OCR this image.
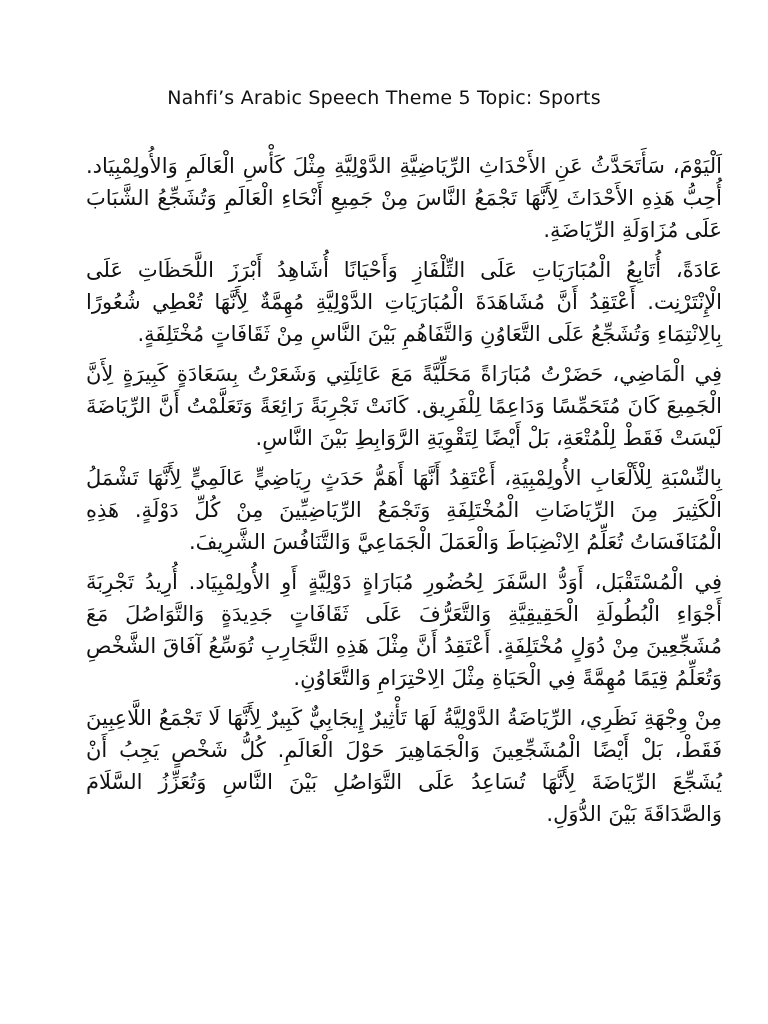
Nahfi’s Arabic Speech Theme 5 Topic: Sports

اَلْيَوْمَ، سَأَتَحَدَّثُ عَنِ الأَحْدَاثِ الرِّيَاضِيَّةِ الدَّوْلِيَّةِ مِثْلَ كَأْسِ الْعَالَمِ وَالأُولِمْبِيَاد. أُحِبُّ هَذِهِ الأَحْدَاثَ لِأَنَّهَا تَجْمَعُ النَّاسَ مِنْ جَمِيعِ أَنْحَاءِ الْعَالَمِ وَتُشَجِّعُ الشَّبَابَ عَلَى مُزَاوَلَةِ الرِّيَاضَةِ.

عَادَةً، أُتَابِعُ الْمُبَارَيَاتِ عَلَى التِّلْفَازِ وَأَحْيَانًا أُشَاهِدُ أَبْرَزَ اللَّحَظَاتِ عَلَى الْإِنْتَرْنِت. أَعْتَقِدُ أَنَّ مُشَاهَدَةَ الْمُبَارَيَاتِ الدَّوْلِيَّةِ مُهِمَّةٌ لِأَنَّهَا تُعْطِي شُعُورًا بِالِانْتِمَاءِ وَتُشَجِّعُ عَلَى التَّعَاوُنِ وَالتَّفَاهُمِ بَيْنَ النَّاسِ مِنْ ثَقَافَاتٍ مُخْتَلِفَةٍ.

فِي الْمَاضِي، حَضَرْتُ مُبَارَاةً مَحَلِّيَّةً مَعَ عَائِلَتِي وَشَعَرْتُ بِسَعَادَةٍ كَبِيرَةٍ لِأَنَّ الْجَمِيعَ كَانَ مُتَحَمِّسًا وَدَاعِمًا لِلْفَرِيق. كَانَتْ تَجْرِبَةً رَائِعَةً وَتَعَلَّمْتُ أَنَّ الرِّيَاضَةَ لَيْسَتْ فَقَطْ لِلْمُتْعَةِ، بَلْ أَيْضًا لِتَقْوِيَةِ الرَّوَابِطِ بَيْنَ النَّاسِ.

بِالنِّسْبَةِ لِلْأَلْعَابِ الأُولِمْبِيَةِ، أَعْتَقِدُ أَنَّهَا أَهَمُّ حَدَثٍ رِيَاضِيٍّ عَالَمِيٍّ لِأَنَّهَا تَشْمَلُ الْكَثِيرَ مِنَ الرِّيَاضَاتِ الْمُخْتَلِفَةِ وَتَجْمَعُ الرِّيَاضِيِّينَ مِنْ كُلِّ دَوْلَةٍ. هَذِهِ الْمُنَافَسَاتُ تُعَلِّمُ الِانْضِبَاطَ وَالْعَمَلَ الْجَمَاعِيَّ وَالتَّنَافُسَ الشَّرِيفَ.

فِي الْمُسْتَقْبَل، أَوَدُّ السَّفَرَ لِحُضُورِ مُبَارَاةٍ دَوْلِيَّةٍ أَوِ الأُولِمْبِيَاد. أُرِيدُ تَجْرِبَةَ أَجْوَاءِ الْبُطُولَةِ الْحَقِيقِيَّةِ وَالتَّعَرُّفَ عَلَى ثَقَافَاتٍ جَدِيدَةٍ وَالتَّوَاصُلَ مَعَ مُشَجِّعِينَ مِنْ دُوَلٍ مُخْتَلِفَةٍ. أَعْتَقِدُ أَنَّ مِثْلَ هَذِهِ التَّجَارِبِ تُوَسِّعُ آفَاقَ الشَّخْصِ وَتُعَلِّمُ قِيَمًا مُهِمَّةً فِي الْحَيَاةِ مِثْلَ الِاحْتِرَامِ وَالتَّعَاوُنِ.

مِنْ وِجْهَةِ نَظَرِي، الرِّيَاضَةُ الدَّوْلِيَّةُ لَهَا تَأْثِيرٌ إِيجَابِيٌّ كَبِيرٌ لِأَنَّهَا لَا تَجْمَعُ اللَّاعِبِينَ فَقَطْ، بَلْ أَيْضًا الْمُشَجِّعِينَ وَالْجَمَاهِيرَ حَوْلَ الْعَالَمِ. كُلُّ شَخْصٍ يَجِبُ أَنْ يُشَجِّعَ الرِّيَاضَةَ لِأَنَّهَا تُسَاعِدُ عَلَى التَّوَاصُلِ بَيْنَ النَّاسِ وَتُعَزِّزُ السَّلَامَ وَالصَّدَاقَةَ بَيْنَ الدُّوَلِ.
